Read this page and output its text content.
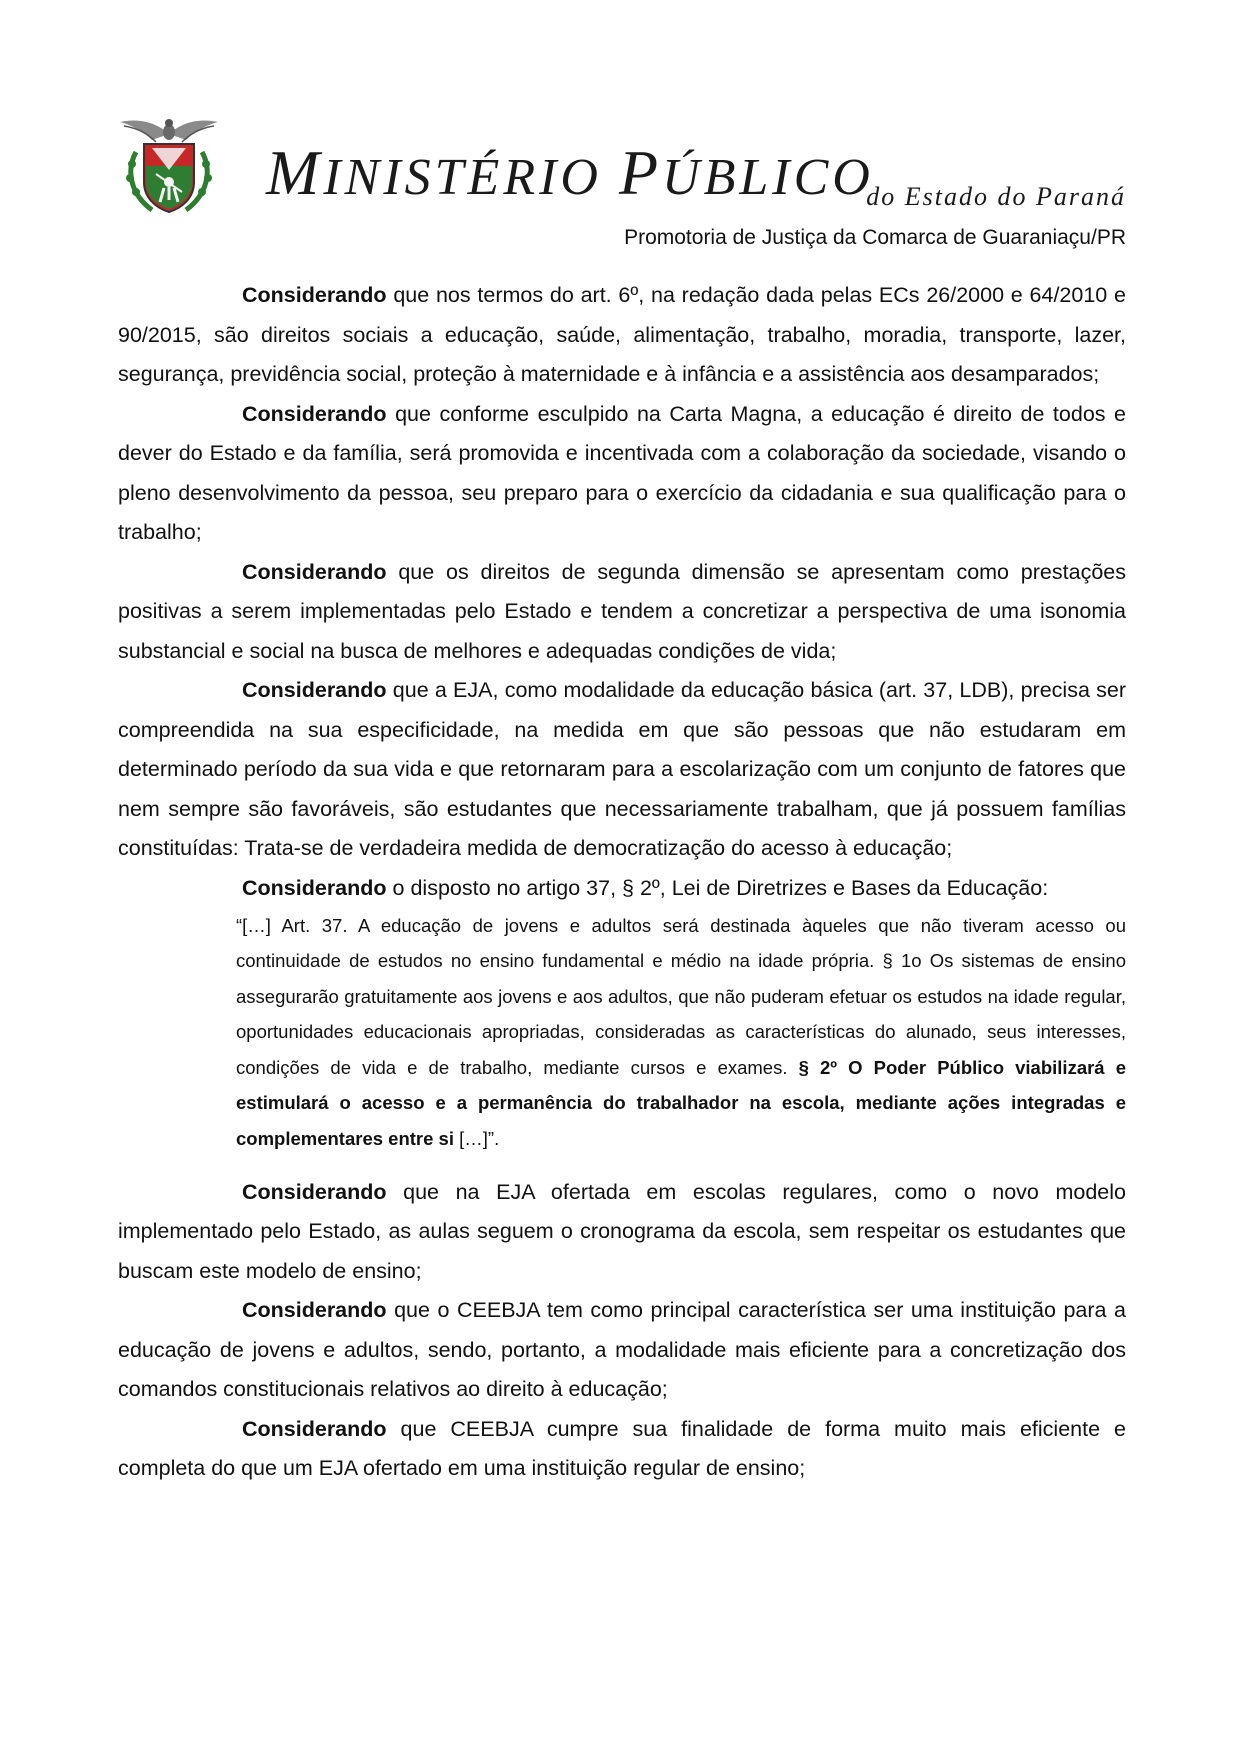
MINISTÉRIO PÚBLICO
do Estado do Paraná
Promotoria de Justiça da Comarca de Guaraniaçu/PR

Considerando que nos termos do art. 6º, na redação dada pelas ECs 26/2000 e 64/2010 e 90/2015, são direitos sociais a educação, saúde, alimentação, trabalho, moradia, transporte, lazer, segurança, previdência social, proteção à maternidade e à infância e a assistência aos desamparados;

Considerando que conforme esculpido na Carta Magna, a educação é direito de todos e dever do Estado e da família, será promovida e incentivada com a colaboração da sociedade, visando o pleno desenvolvimento da pessoa, seu preparo para o exercício da cidadania e sua qualificação para o trabalho;

Considerando que os direitos de segunda dimensão se apresentam como prestações positivas a serem implementadas pelo Estado e tendem a concretizar a perspectiva de uma isonomia substancial e social na busca de melhores e adequadas condições de vida;

Considerando que a EJA, como modalidade da educação básica (art. 37, LDB), precisa ser compreendida na sua especificidade, na medida em que são pessoas que não estudaram em determinado período da sua vida e que retornaram para a escolarização com um conjunto de fatores que nem sempre são favoráveis, são estudantes que necessariamente trabalham, que já possuem famílias constituídas: Trata-se de verdadeira medida de democratização do acesso à educação;

Considerando o disposto no artigo 37, § 2º, Lei de Diretrizes e Bases da Educação:

“[…] Art. 37. A educação de jovens e adultos será destinada àqueles que não tiveram acesso ou continuidade de estudos no ensino fundamental e médio na idade própria. § 1o Os sistemas de ensino assegurarão gratuitamente aos jovens e aos adultos, que não puderam efetuar os estudos na idade regular, oportunidades educacionais apropriadas, consideradas as características do alunado, seus interesses, condições de vida e de trabalho, mediante cursos e exames. § 2º O Poder Público viabilizará e estimulará o acesso e a permanência do trabalhador na escola, mediante ações integradas e complementares entre si […]”.

Considerando que na EJA ofertada em escolas regulares, como o novo modelo implementado pelo Estado, as aulas seguem o cronograma da escola, sem respeitar os estudantes que buscam este modelo de ensino;

Considerando que o CEEBJA tem como principal característica ser uma instituição para a educação de jovens e adultos, sendo, portanto, a modalidade mais eficiente para a concretização dos comandos constitucionais relativos ao direito à educação;

Considerando que CEEBJA cumpre sua finalidade de forma muito mais eficiente e completa do que um EJA ofertado em uma instituição regular de ensino;
